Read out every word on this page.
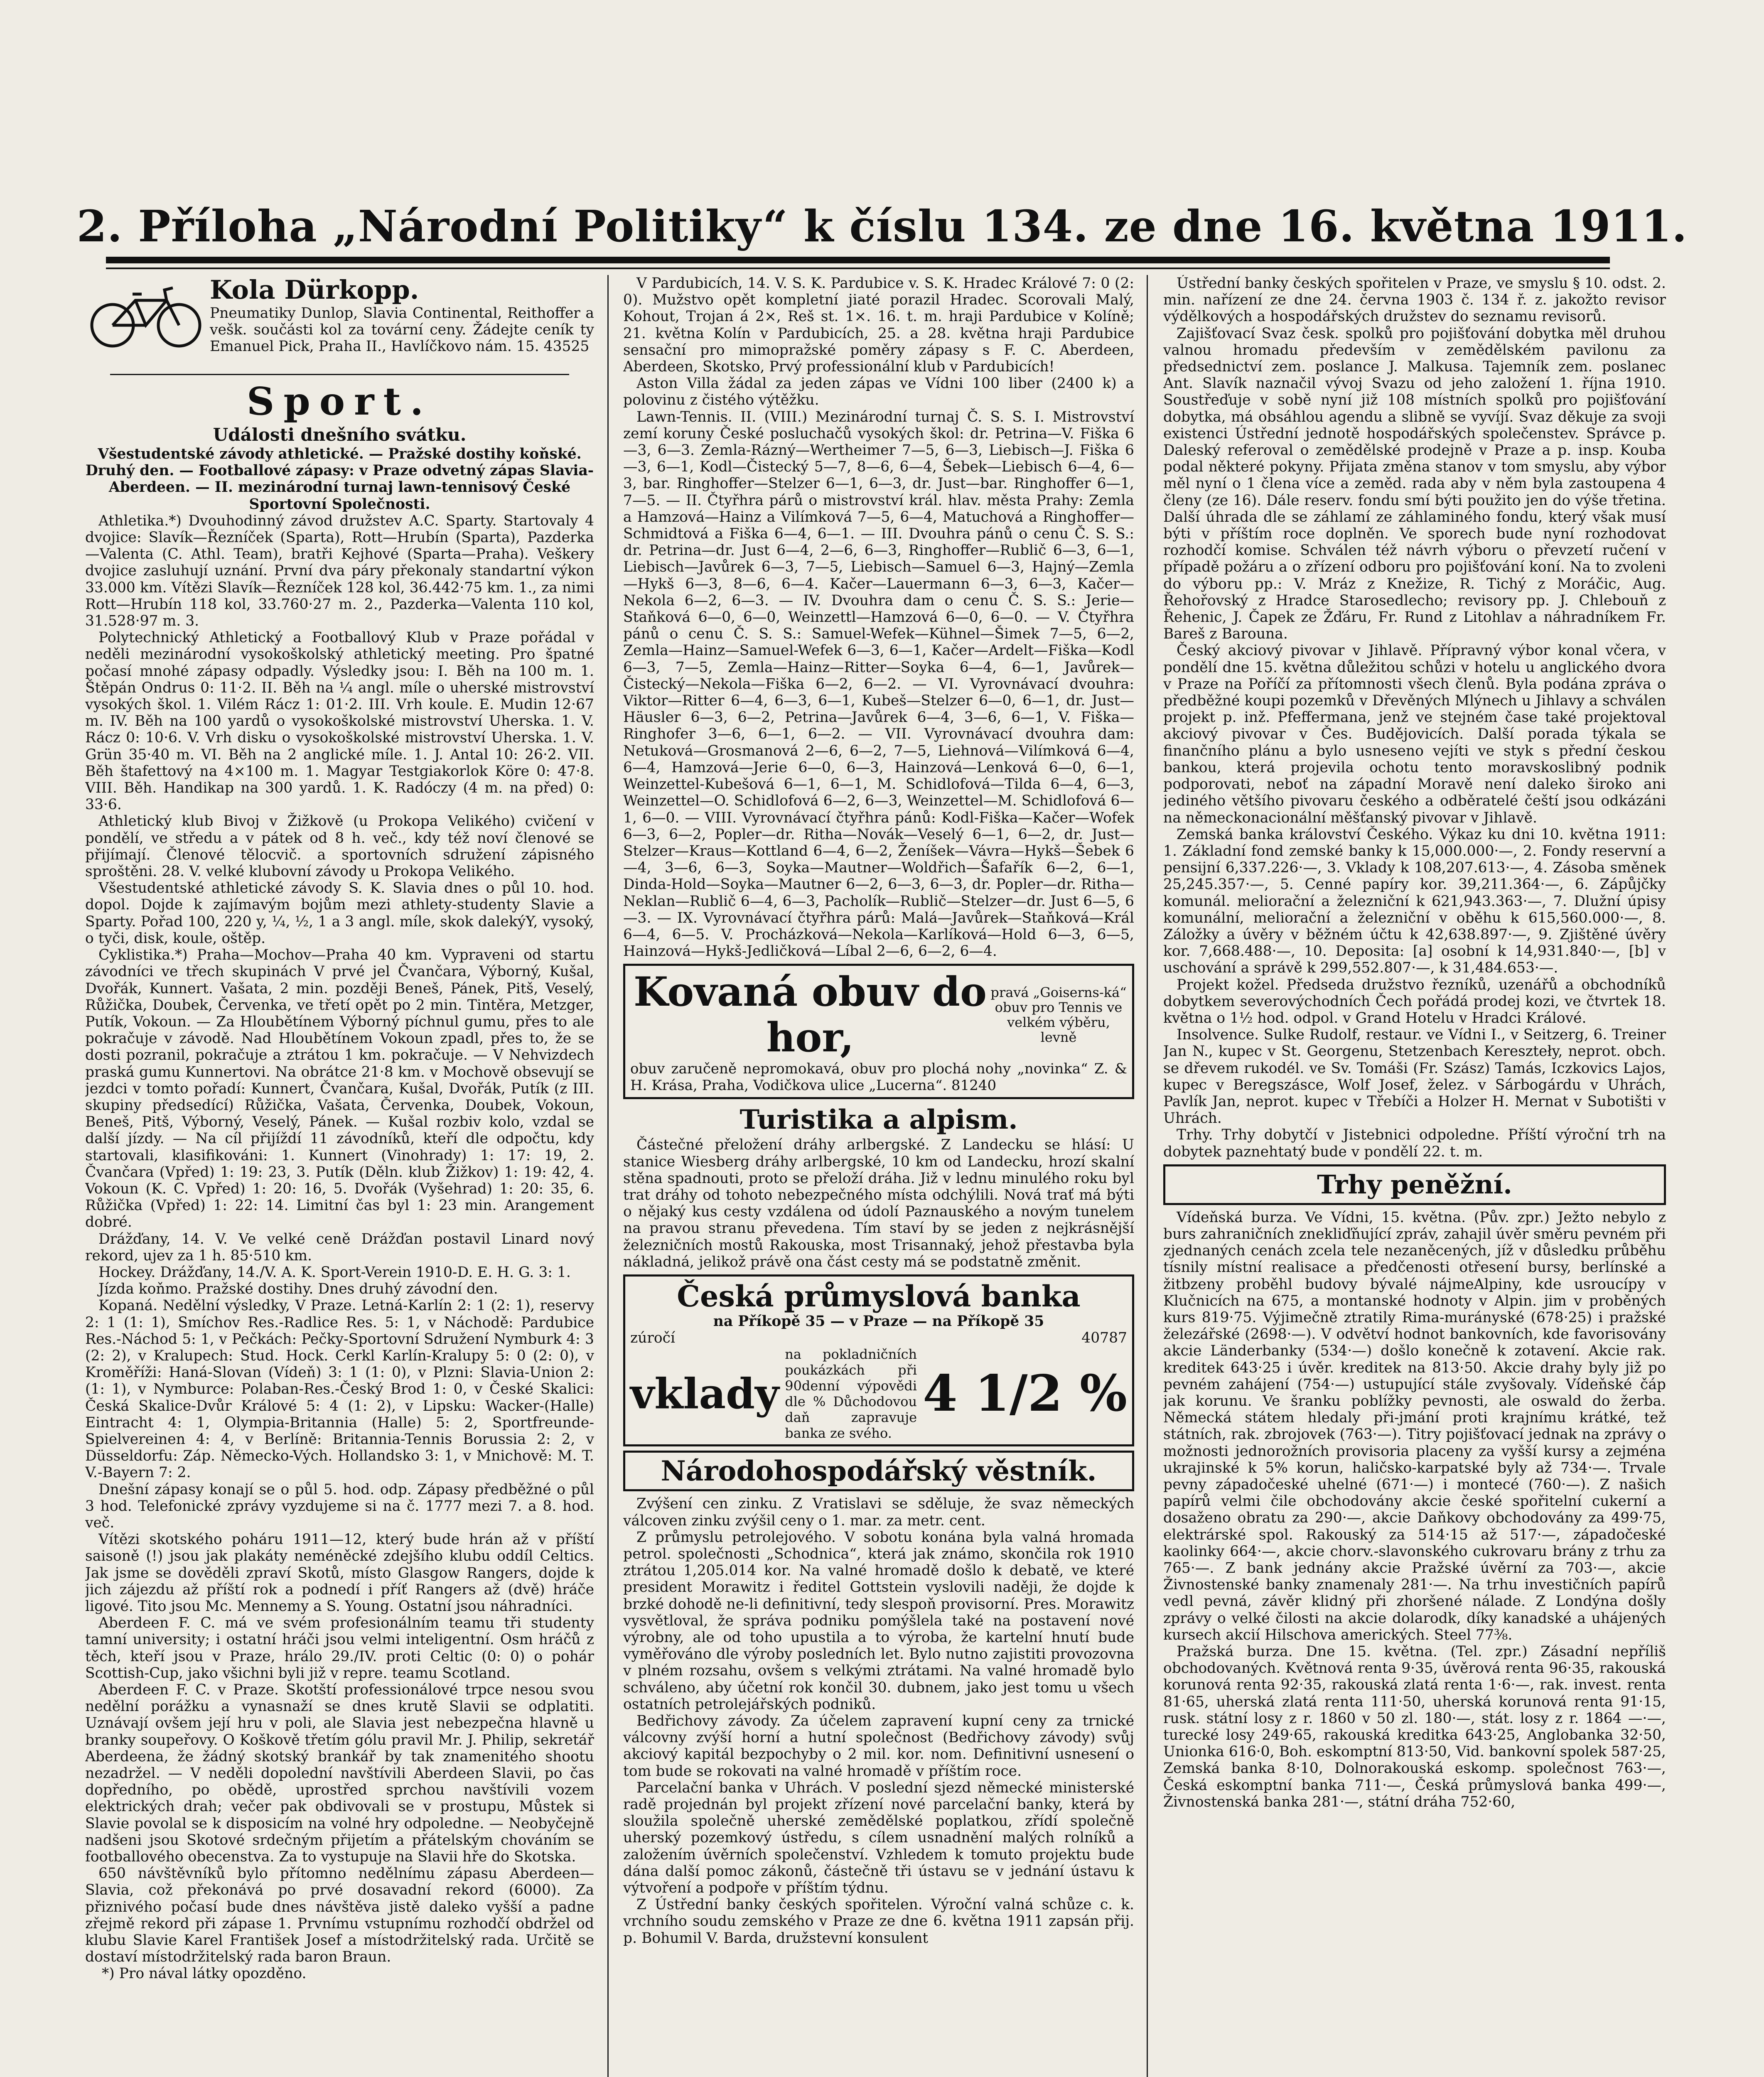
2. Příloha „Národní Politiky“ k číslu 134. ze dne 16. května 1911.
Kola Dürkopp.
Pneumatiky Dunlop, Slavia Continental, Reithoffer a vešk. součásti kol za tovární ceny. Žádejte ceník ty Emanuel Pick, Praha II., Havlíčkovo nám. 15. 43525
Sport.
Události dnešního svátku.

Všestudentské závody athletické. — Pražské dostihy koňské. Druhý den. — Footballové zápasy: v Praze odvetný zápas Slavia-Aberdeen. — II. mezinárodní turnaj lawn-tennisový České Sportovní Společnosti.

Athletika.*) Dvouhodinný závod družstev A.C. Sparty. Startovaly 4 dvojice: Slavík—Řezníček (Sparta), Rott—Hrubín (Sparta), Pazderka—Valenta (C. Athl. Team), bratři Kejhové (Sparta—Praha). Veškery dvojice zasluhují uznání. První dva páry překonaly standartní výkon 33.000 km. Vítězi Slavík—Řezníček 128 kol, 36.442·75 km. 1., za nimi Rott—Hrubín 118 kol, 33.760·27 m. 2., Pazderka—Valenta 110 kol, 31.528·97 m. 3.

Polytechnický Athletický a Footballový Klub v Praze pořádal v neděli mezinárodní vysokoškolský athletický meeting. Pro špatné počasí mnohé zápasy odpadly. Výsledky jsou: I. Běh na 100 m. 1. Štěpán Ondrus 0: 11·2. II. Běh na ¼ angl. míle o uherské mistrovství vysokých škol. 1. Vilém Rácz 1: 01·2. III. Vrh koule. E. Mudin 12·67 m. IV. Běh na 100 yardů o vysokoškolské mistrovství Uherska. 1. V. Rácz 0: 10·6. V. Vrh disku o vysokoškolské mistrovství Uherska. 1. V. Grün 35·40 m. VI. Běh na 2 anglické míle. 1. J. Antal 10: 26·2. VII. Běh štafettový na 4×100 m. 1. Magyar Testgiakorlok Köre 0: 47·8. VIII. Běh. Handikap na 300 yardů. 1. K. Radóczy (4 m. na před) 0: 33·6.

Athletický klub Bivoj v Žižkově (u Prokopa Velikého) cvičení v pondělí, ve středu a v pátek od 8 h. več., kdy též noví členové se přijímají. Členové tělocvič. a sportovních sdružení zápisného sproštěni. 28. V. velké klubovní závody u Prokopa Velikého.

Všestudentské athletické závody S. K. Slavia dnes o půl 10. hod. dopol. Dojde k zajímavým bojům mezi athlety-studenty Slavie a Sparty. Pořad 100, 220 y, ¼, ½, 1 a 3 angl. míle, skok dalekýY, vysoký, o tyči, disk, koule, oštěp.

Cyklistika.*) Praha—Mochov—Praha 40 km. Vypraveni od startu závodníci ve třech skupinách V prvé jel Čvančara, Výborný, Kušal, Dvořák, Kunnert. Vašata, 2 min. později Beneš, Pánek, Pitš, Veselý, Růžička, Doubek, Červenka, ve třetí opět po 2 min. Tintěra, Metzger, Putík, Vokoun. — Za Hloubětínem Výborný píchnul gumu, přes to ale pokračuje v závodě. Nad Hloubětínem Vokoun zpadl, přes to, že se dosti pozranil, pokračuje a ztrátou 1 km. pokračuje. — V Nehvizdech praská gumu Kunnertovi. Na obrátce 21·8 km. v Mochově obsevují se jezdci v tomto pořadí: Kunnert, Čvančara, Kušal, Dvořák, Putík (z III. skupiny předsedící) Růžička, Vašata, Červenka, Doubek, Vokoun, Beneš, Pitš, Výborný, Veselý, Pánek. — Kušal rozbiv kolo, vzdal se další jízdy. — Na cíl přijíždí 11 závodníků, kteří dle odpočtu, kdy startovali, klasifikováni: 1. Kunnert (Vinohrady) 1: 17: 19, 2. Čvančara (Vpřed) 1: 19: 23, 3. Putík (Děln. klub Žižkov) 1: 19: 42, 4. Vokoun (K. C. Vpřed) 1: 20: 16, 5. Dvořák (Vyšehrad) 1: 20: 35, 6. Růžička (Vpřed) 1: 22: 14. Limitní čas byl 1: 23 min. Arangement dobré.

Drážďany, 14. V. Ve velké ceně Drážďan postavil Linard nový rekord, ujev za 1 h. 85·510 km.

Hockey. Drážďany, 14./V. A. K. Sport-Verein 1910-D. E. H. G. 3: 1.

Jízda koňmo. Pražské dostihy. Dnes druhý závodní den.

Kopaná. Nedělní výsledky, V Praze. Letná-Karlín 2: 1 (2: 1), reservy 2: 1 (1: 1), Smíchov Res.-Radlice Res. 5: 1, v Náchodě: Pardubice Res.-Náchod 5: 1, v Pečkách: Pečky-Sportovní Sdružení Nymburk 4: 3 (2: 2), v Kralupech: Stud. Hock. Cerkl Karlín-Kralupy 5: 0 (2: 0), v Kroměříži: Haná-Slovan (Vídeň) 3: 1 (1: 0), v Plzni: Slavia-Union 2: (1: 1), v Nymburce: Polaban-Res.-Český Brod 1: 0, v České Skalici: Česká Skalice-Dvůr Králové 5: 4 (1: 2), v Lipsku: Wacker-(Halle) Eintracht 4: 1, Olympia-Britannia (Halle) 5: 2, Sportfreunde-Spielvereinen 4: 4, v Berlíně: Britannia-Tennis Borussia 2: 2, v Düsseldorfu: Záp. Německo-Vých. Hollandsko 3: 1, v Mnichově: M. T. V.-Bayern 7: 2.

Dnešní zápasy konají se o půl 5. hod. odp. Zápasy předběžné o půl 3 hod. Telefonické zprávy vyzdujeme si na č. 1777 mezi 7. a 8. hod. več.

Vítězi skotského poháru 1911—12, který bude hrán až v příští saisoně (!) jsou jak plakáty neméněcké zdejšího klubu oddíl Celtics. Jak jsme se dověděli zpraví Skotů, místo Glasgow Rangers, dojde k jich zájezdu až příští rok a podnedí i příť Rangers až (dvě) hráče ligové. Tito jsou Mc. Mennemy a S. Young. Ostatní jsou náhradníci.

Aberdeen F. C. má ve svém profesionálním teamu tři studenty tamní university; i ostatní hráči jsou velmi inteligentní. Osm hráčů z těch, kteří jsou v Praze, hrálo 29./IV. proti Celtic (0: 0) o pohár Scottish-Cup, jako všichni byli již v repre. teamu Scotland.

Aberdeen F. C. v Praze. Skotští professionálové trpce nesou svou nedělní porážku a vynasnaží se dnes krutě Slavii se odplatiti. Uznávají ovšem její hru v poli, ale Slavia jest nebezpečna hlavně u branky soupeřovy. O Koškově třetím gólu pravil Mr. J. Philip, sekretář Aberdeena, že žádný skotský brankář by tak znamenitého shootu nezadržel. — V neděli dopolední navštívili Aberdeen Slavii, po čas dopředního, po obědě, uprostřed sprchou navštívili vozem elektrických drah; večer pak obdivovali se v prostupu, Můstek si Slavie povolal se k disposicím na volné hry odpoledne. — Neobyčejně nadšeni jsou Skotové srdečným přijetím a přátelským chováním se footballového obecenstva. Za to vystupuje na Slavii hře do Skotska.

650 návštěvníků bylo přítomno nedělnímu zápasu Aberdeen—Slavia, což překonává po prvé dosavadní rekord (6000). Za přiznivého počasí bude dnes návštěva jistě daleko vyšší a padne zřejmě rekord při zápase 1. Prvnímu vstupnímu rozhodčí obdržel od klubu Slavie Karel František Josef a místodržitelský rada. Určitě se dostaví místodržitelský rada baron Braun.

*) Pro nával látky opozděno.

V Pardubicích, 14. V. S. K. Pardubice v. S. K. Hradec Králové 7: 0 (2: 0). Mužstvo opět kompletní jiaté porazil Hradec. Scorovali Malý, Kohout, Trojan á 2×, Reš st. 1×. 16. t. m. hraji Pardubice v Kolíně; 21. května Kolín v Pardubicích, 25. a 28. května hraji Pardubice sensační pro mimopražské poměry zápasy s F. C. Aberdeen, Aberdeen, Skotsko, Prvý professionální klub v Pardubicích!

Aston Villa žádal za jeden zápas ve Vídni 100 liber (2400 k) a polovinu z čistého výtěžku.

Lawn-Tennis. II. (VIII.) Mezinárodní turnaj Č. S. S. I. Mistrovství zemí koruny České posluchačů vysokých škol: dr. Petrina—V. Fiška 6—3, 6—3. Zemla-Rázný—Wertheimer 7—5, 6—3, Liebisch—J. Fiška 6—3, 6—1, Kodl—Čistecký 5—7, 8—6, 6—4, Šebek—Liebisch 6—4, 6—3, bar. Ringhoffer—Stelzer 6—1, 6—3, dr. Just—bar. Ringhoffer 6—1, 7—5. — II. Čtyřhra párů o mistrovství král. hlav. města Prahy: Zemla a Hamzová—Hainz a Vilímková 7—5, 6—4, Matuchová a Ringhoffer—Schmidtová a Fiška 6—4, 6—1. — III. Dvouhra pánů o cenu Č. S. S.: dr. Petrina—dr. Just 6—4, 2—6, 6—3, Ringhoffer—Rublič 6—3, 6—1, Liebisch—Javůrek 6—3, 7—5, Liebisch—Samuel 6—3, Hajný—Zemla—Hykš 6—3, 8—6, 6—4. Kačer—Lauermann 6—3, 6—3, Kačer—Nekola 6—2, 6—3. — IV. Dvouhra dam o cenu Č. S. S.: Jerie—Staňková 6—0, 6—0, Weinzettl—Hamzová 6—0, 6—0. — V. Čtyřhra pánů o cenu Č. S. S.: Samuel-Wefek—Kühnel—Šimek 7—5, 6—2, Zemla—Hainz—Samuel-Wefek 6—3, 6—1, Kačer—Ardelt—Fiška—Kodl 6—3, 7—5, Zemla—Hainz—Ritter—Soyka 6—4, 6—1, Javůrek—Čistecký—Nekola—Fiška 6—2, 6—2. — VI. Vyrovnávací dvouhra: Viktor—Ritter 6—4, 6—3, 6—1, Kubeš—Stelzer 6—0, 6—1, dr. Just—Häusler 6—3, 6—2, Petrina—Javůrek 6—4, 3—6, 6—1, V. Fiška—Ringhofer 3—6, 6—1, 6—2. — VII. Vyrovnávací dvouhra dam: Netuková—Grosmanová 2—6, 6—2, 7—5, Liehnová—Vilímková 6—4, 6—4, Hamzová—Jerie 6—0, 6—3, Hainzová—Lenková 6—0, 6—1, Weinzettel-Kubešová 6—1, 6—1, M. Schidlofová—Tilda 6—4, 6—3, Weinzettel—O. Schidlofová 6—2, 6—3, Weinzettel—M. Schidlofová 6—1, 6—0. — VIII. Vyrovnávací čtyřhra pánů: Kodl-Fiška—Kačer—Wofek 6—3, 6—2, Popler—dr. Ritha—Novák—Veselý 6—1, 6—2, dr. Just—Stelzer—Kraus—Kottland 6—4, 6—2, Ženíšek—Vávra—Hykš—Šebek 6—4, 3—6, 6—3, Soyka—Mautner—Woldřich—Šafařík 6—2, 6—1, Dinda-Hold—Soyka—Mautner 6—2, 6—3, 6—3, dr. Popler—dr. Ritha—Neklan—Rublič 6—4, 6—3, Pacholík—Rublič—Stelzer—dr. Just 6—5, 6—3. — IX. Vyrovnávací čtyřhra párů: Malá—Javůrek—Staňková—Král 6—4, 6—5. V. Procházková—Nekola—Karlíková—Hold 6—3, 6—5, Hainzová—Hykš-Jedličková—Líbal 2—6, 6—2, 6—4.

Kovaná obuv do hor,
pravá „Goiserns-ká“ obuv pro Tennis ve velkém výběru, levně
obuv zaručeně nepromokavá, obuv pro plochá nohy „novinka“ Z. & H. Krása, Praha, Vodičkova ulice „Lucerna“. 81240
Turistika a alpism.

Částečné přeložení dráhy arlbergské. Z Landecku se hlásí: U stanice Wiesberg dráhy arlbergské, 10 km od Landecku, hrozí skalní stěna spadnouti, proto se přeloží dráha. Již v lednu minulého roku byl trat dráhy od tohoto nebezpečného místa odchýlili. Nová trať má býti o nějaký kus cesty vzdálena od údolí Paznauského a novým tunelem na pravou stranu převedena. Tím staví by se jeden z nejkrásnější železničních mostů Rakouska, most Trisannaký, jehož přestavba byla nákladná, jelikož právě ona část cesty má se podstatně změnit.

Česká průmyslová banka
na Příkopě 35 — v Praze — na Příkopě 35
zúročí	40787
vklady
na pokladničních poukázkách při 90denní výpovědi dle % Důchodovou daň zapravuje banka ze svého.
4 1/2 %
Národohospodářský věstník.

Zvýšení cen zinku. Z Vratislavi se sděluje, že svaz německých válcoven zinku zvýšil ceny o 1. mar. za metr. cent.

Z průmyslu petrolejového. V sobotu konána byla valná hromada petrol. společnosti „Schodnica“, která jak známo, skončila rok 1910 ztrátou 1,205.014 kor. Na valné hromadě došlo k debatě, ve které president Morawitz i ředitel Gottstein vyslovili naději, že dojde k brzké dohodě ne-li definitivní, tedy slespoň provisorní. Pres. Morawitz vysvětloval, že správa podniku pomýšlela také na postavení nové výrobny, ale od toho upustila a to výroba, že kartelní hnutí bude vyměřováno dle výroby posledních let. Bylo nutno zajistiti provozovna v plném rozsahu, ovšem s velkými ztrátami. Na valné hromadě bylo schváleno, aby účetní rok končil 30. dubnem, jako jest tomu u všech ostatních petrolejářských podniků.

Bedřichovy závody. Za účelem zapravení kupní ceny za trnické válcovny zvýší horní a hutní společnost (Bedřichovy závody) svůj akciový kapitál bezpochyby o 2 mil. kor. nom. Definitivní usnesení o tom bude se rokovati na valné hromadě v příštím roce.

Parcelační banka v Uhrách. V poslední sjezd německé ministerské radě projednán byl projekt zřízení nové parcelační banky, která by sloužila společně uherské zemědělské poplatkou, zřídí společně uherský pozemkový ústředu, s cílem usnadnění malých rolníků a založením úvěrních společenství. Vzhledem k tomuto projektu bude dána další pomoc zákonů, částečně tři ústavu se v jednání ústavu k výtvoření a podpoře v příštím týdnu.

Z Ústřední banky českých spořitelen. Výroční valná schůze c. k. vrchního soudu zemského v Praze ze dne 6. května 1911 zapsán přij. p. Bohumil V. Barda, družstevní konsulent

Ústřední banky českých spořitelen v Praze, ve smyslu § 10. odst. 2. min. nařízení ze dne 24. června 1903 č. 134 ř. z. jakožto revisor výdělkových a hospodářských družstev do seznamu revisorů.

Zajišťovací Svaz česk. spolků pro pojišťování dobytka měl druhou valnou hromadu především v zemědělském pavilonu za předsednictví zem. poslance J. Malkusa. Tajemník zem. poslanec Ant. Slavík naznačil vývoj Svazu od jeho založení 1. října 1910. Soustřeďuje v sobě nyní již 108 místních spolků pro pojišťování dobytka, má obsáhlou agendu a slibně se vyvíjí. Svaz děkuje za svoji existenci Ústřední jednotě hospodářských společenstev. Správce p. Daleský referoval o zemědělské prodejně v Praze a p. insp. Kouba podal některé pokyny. Přijata změna stanov v tom smyslu, aby výbor měl nyní o 1 člena více a zeměd. rada aby v něm byla zastoupena 4 členy (ze 16). Dále reserv. fondu smí býti použito jen do výše třetina. Další úhrada dle se záhlamí ze záhlaminého fondu, který však musí býti v příštím roce doplněn. Ve sporech bude nyní rozhodovat rozhodčí komise. Schválen též návrh výboru o převzetí ručení v případě požáru a o zřízení odboru pro pojišťování koní. Na to zvoleni do výboru pp.: V. Mráz z Knežize, R. Tichý z Moráčic, Aug. Řehořovský z Hradce Starosedlecho; revisory pp. J. Chlebouň z Řehenic, J. Čapek ze Žďáru, Fr. Rund z Litohlav a náhradníkem Fr. Bareš z Barouna.

Český akciový pivovar v Jihlavě. Přípravný výbor konal včera, v pondělí dne 15. května důležitou schůzi v hotelu u anglického dvora v Praze na Poříčí za přítomnosti všech členů. Byla podána zpráva o předběžné koupi pozemků v Dřevěných Mlýnech u Jihlavy a schválen projekt p. inž. Pfeffermana, jenž ve stejném čase také projektoval akciový pivovar v Čes. Budějovicích. Další porada týkala se finančního plánu a bylo usneseno vejíti ve styk s přední českou bankou, která projevila ochotu tento moravskoslibný podnik podporovati, neboť na západní Moravě není daleko široko ani jediného většího pivovaru českého a odběratelé čeští jsou odkázáni na německonacionální měšťanský pivovar v Jihlavě.

Zemská banka království Českého. Výkaz ku dni 10. května 1911: 1. Základní fond zemské banky k 15,000.000·—, 2. Fondy reservní a pensijní 6,337.226·—, 3. Vklady k 108,207.613·—, 4. Zásoba směnek 25,245.357·—, 5. Cenné papíry kor. 39,211.364·—, 6. Zápůjčky komunál. meliorační a železniční k 621,943.363·—, 7. Dlužní úpisy komunální, meliorační a železniční v oběhu k 615,560.000·—, 8. Záložky a úvěry v běžném účtu k 42,638.897·—, 9. Zjištěné úvěry kor. 7,668.488·—, 10. Deposita: [a] osobní k 14,931.840·—, [b] v uschování a správě k 299,552.807·—, k 31,484.653·—.

Projekt kožel. Předseda družstvo řezníků, uzenářů a obchodníků dobytkem severovýchodních Čech pořádá prodej kozi, ve čtvrtek 18. května o 1½ hod. odpol. v Grand Hotelu v Hradci Králové.

Insolvence. Sulke Rudolf, restaur. ve Vídni I., v Seitzerg, 6. Treiner Jan N., kupec v St. Georgenu, Stetzenbach Kereszteły, neprot. obch. se dřevem rukodél. ve Sv. Tomáši (Fr. Szász) Tamás, Iczkovics Lajos, kupec v Beregszásce, Wolf Josef, želez. v Sárbogárdu v Uhrách, Pavlík Jan, neprot. kupec v Třebíči a Holzer H. Mernat v Subotišti v Uhrách.

Trhy. Trhy dobytčí v Jistebnici odpoledne. Příští výroční trh na dobytek paznehtatý bude v pondělí 22. t. m.

Trhy peněžní.

Vídeňská burza. Ve Vídni, 15. května. (Pův. zpr.) Ježto nebylo z burs zahraničních znekliďňující zpráv, zahajil úvěr směru pevném při zjednaných cenách zcela tele nezaněcených, jíž v důsledku průběhu tísnily místní realisace a předčenosti otřesení bursy, berlínské a žitbzeny proběhl budovy bývalé nájmeAlpiny, kde usroucípy v Klučnicích na 675, a montanské hodnoty v Alpin. jim v proběných kurs 819·75. Výjimečně ztratily Rima-murányské (678·25) i pražské železářské (2698·—). V odvětví hodnot bankovních, kde favorisovány akcie Länderbanky (534·—) došlo konečně k zotavení. Akcie rak. kreditek 643·25 i úvěr. kreditek na 813·50. Akcie drahy byly již po pevném zahájení (754·—) ustupující stále zvyšovaly. Vídeňské čáp jak korunu. Ve šranku poblížky pevnosti, ale oswald do žerba. Německá státem hledaly při-jmání proti krajnímu krátké, tež státních, rak. zbrojovek (763·—). Titry pojišťovací jednak na zprávy o možnosti jednorožních provisoria placeny za vyšší kursy a zejména ukrajinské k 5% korun, haličsko-karpatské byly až 734·—. Trvale pevny západočeské uhelné (671·—) i montecé (760·—). Z našich papírů velmi čile obchodovány akcie české spořitelní cukerní a dosaženo obratu za 290·—, akcie Daňkovy obchodovány za 499·75, elektrárské spol. Rakouský za 514·15 až 517·—, západočeské kaolinky 664·—, akcie chorv.-slavonského cukrovaru brány z trhu za 765·—. Z bank jednány akcie Pražské úvěrní za 703·—, akcie Živnostenské banky znamenaly 281·—. Na trhu investičních papírů vedl pevná, závěr klidný při zhoršené nálade. Z Londýna došly zprávy o velké čilosti na akcie dolarodk, díky kanadské a uhájených kursech akcií Hilschova amerických. Steel 77⅜.

Pražská burza. Dne 15. května. (Tel. zpr.) Zásadní nepříliš obchodovaných. Květnová renta 9·35, úvěrová renta 96·35, rakouská korunová renta 92·35, rakouská zlatá renta 1·6·—, rak. invest. renta 81·65, uherská zlatá renta 111·50, uherská korunová renta 91·15, rusk. státní losy z r. 1860 v 50 zl. 180·—, stát. losy z r. 1864 —·—, turecké losy 249·65, rakouská kreditka 643·25, Anglobanka 32·50, Unionka 616·0, Boh. eskomptní 813·50, Vid. bankovní spolek 587·25, Zemská banka 8·10, Dolnorakouská eskomp. společnost 763·—, Česká eskomptní banka 711·—, Česká průmyslová banka 499·—, Živnostenská banka 281·—, státní dráha 752·60,
